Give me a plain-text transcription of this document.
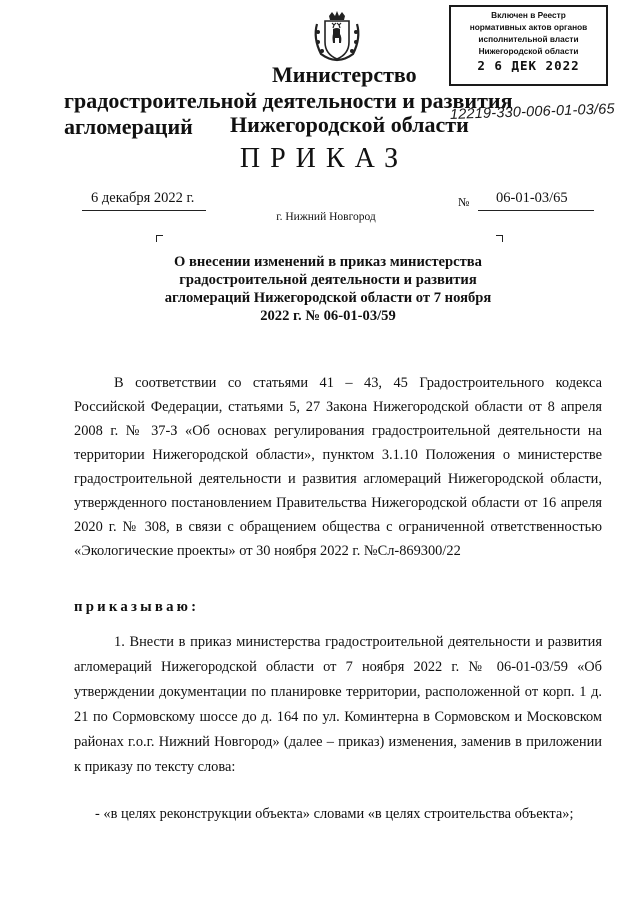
Включен в Реестр
нормативных актов органов
исполнительной власти
Нижегородской области
2 6 ДЕК 2022
12219-330-006-01-03/65
Министерство
градостроительной деятельности и развития агломераций	Нижегородской области
ПРИКАЗ
6 декабря 2022 г.	№	06-01-03/65
г. Нижний Новгород
О внесении изменений в приказ министерства градостроительной деятельности и развития агломераций Нижегородской области от 7 ноября 2022 г. № 06-01-03/59
В соответствии со статьями 41 – 43, 45 Градостроительного кодекса Российской Федерации, статьями 5, 27 Закона Нижегородской области от 8 апреля 2008 г. № 37-З «Об основах регулирования градостроительной деятельности на территории Нижегородской области», пунктом 3.1.10 Положения о министерстве градостроительной деятельности и развития агломераций Нижегородской области, утвержденного постановлением Правительства Нижегородской области от 16 апреля 2020 г. № 308, в связи с обращением общества с ограниченной ответственностью «Экологические проекты» от 30 ноября 2022 г. №Сл-869300/22
приказываю:
1. Внести в приказ министерства градостроительной деятельности и развития агломераций Нижегородской области от 7 ноября 2022 г. № 06-01-03/59 «Об утверждении документации по планировке территории, расположенной от корп. 1 д. 21 по Сормовскому шоссе до д. 164 по ул. Коминтерна в Сормовском и Московском районах г.о.г. Нижний Новгород» (далее – приказ) изменения, заменив в приложении к приказу по тексту слова:
- «в целях реконструкции объекта» словами «в целях строительства объекта»;
